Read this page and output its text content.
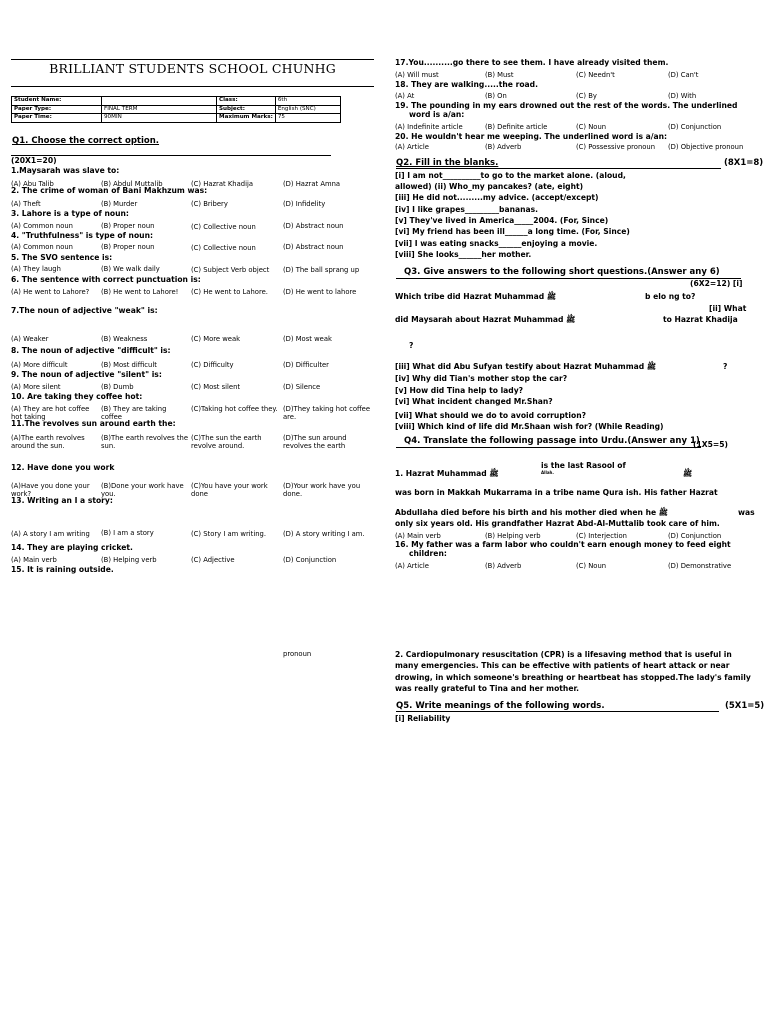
BRILLIANT STUDENTS SCHOOL CHUNHG
Student Name:		Class:	6th
Paper Type:	FINAL TERM	Subject:	English (SNC)
Paper Time:	90MIN	Maximum Marks:	75
Q1. Choose the correct option.
(20X1=20)
1.Maysarah was slave to:
(A) Abu Talib	(B) Abdul Muttalib	(C) Hazrat Khadija	(D) Hazrat Amna
2. The crime of woman of Bani Makhzum was:
(A) Theft	(B) Murder	(C) Bribery	(D) Infidelity
3. Lahore is a type of noun:
(A) Common noun	(B) Proper noun	(C) Collective noun	(D) Abstract noun
4. "Truthfulness" is type of noun:
(A) Common noun	(B) Proper noun	(C) Collective noun	(D) Abstract noun
5. The SVO sentence is:
(A) They laugh	(B) We walk daily	(C) Subject Verb object	(D) The ball sprang up
6. The sentence with correct punctuation is:
(A) He went to Lahore?	(B) He went to Lahore!	(C) He went to Lahore.	(D) He went to lahore
7.The noun of adjective "weak" is:
(A) Weaker	(B) Weakness	(C) More weak	(D) Most weak
8. The noun of adjective "difficult" is:
(A) More difficult	(B) Most difficult	(C) Difficulty	(D) Difficulter
9. The noun of adjective "silent" is:
(A) More silent	(B) Dumb	(C) Most silent	(D) Silence
10. Are taking they coffee hot:
(A) They are hot coffee hot taking
(B) They are taking coffee
(C)Taking hot coffee they. (D)They taking hot coffee are.
11.The revolves sun around earth the:
(A)The earth revolves around the sun.
(B)The earth revolves the sun.
(C)The sun the earth revolve around.
(D)The sun around revolves the earth
12. Have done you work
(A)Have you done your work?
(B)Done your work have you.
(C)You have your work done
(D)Your work have you done.
13. Writing an I a story:
(A) A story I am writing	(B) I am a story	(C) Story I am writing.	(D) A story writing I am.
14. They are playing cricket.
(A) Main verb	(B) Helping verb	(C) Adjective	(D) Conjunction
15. It is raining outside.
pronoun
17.You..........go there to see them. I have already visited them.
(A) Will must	(B) Must	(C) Needn't	(D) Can't
18. They are walking.....the road.
(A) At	(B) On	(C) By	(D) With
19. The pounding in my ears drowned out the rest of the words. The underlined
word is a/an:
(A) Indefinite article	(B) Definite article	(C) Noun	(D) Conjunction
20. He wouldn't hear me weeping. The underlined word is a/an:
(A) Article	(B) Adverb	(C) Possessive pronoun (D) Objective pronoun
Q2. Fill in the blanks.	(8X1=8)
[i] I am not__________to go to the market alone. (aloud,
allowed) (ii) Who_my pancakes? (ate, eight)
[iii] He did not.........my advice. (accept/except)
[iv] I like grapes_________bananas.
[v] They've lived in America_____2004. (For, Since)
[vi] My friend has been ill______a long time. (For, Since)
[vii] I was eating snacks______enjoying a movie.
[viii] She looks______her mother.
Q3. Give answers to the following short questions.(Answer any 6)
(6X2=12) [i]
Which tribe did Hazrat Muhammad ﷺ	b elo ng to?
[ii] What
did Maysarah about Hazrat Muhammad ﷺ	to Hazrat Khadija
?
[iii] What did Abu Sufyan testify about Hazrat Muhammad ﷺ	?
[iv] Why did Tian's mother stop the car?
[v] How did Tina help to lady?
[vi] What incident changed Mr.Shan?
[vii] What should we do to avoid corruption?
[viii] Which kind of life did Mr.Shaan wish for? (While Reading)
Q4. Translate the following passage into Urdu.(Answer any 1)
(1X5=5)
1. Hazrat Muhammad ﷺ
is the last Rasool of
Allah.	ﷺ
was born in Makkah Mukarrama in a tribe name Qura ish. His father Hazrat
Abdullaha died before his birth and his mother died when he ﷺ	was
only six years old. His grandfather Hazrat Abd-Al-Muttalib took care of him.
(A) Main verb	(B) Helping verb	(C) Interjection	(D) Conjunction
16. My father was a farm labor who couldn't earn enough money to feed eight
children:
(A) Article	(B) Adverb	(C) Noun	(D) Demonstrative
2. Cardiopulmonary resuscitation (CPR) is a lifesaving method that is useful in
many emergencies. This can be effective with patients of heart attack or near
drowing, in which someone's breathing or heartbeat has stopped.The lady's family
was really grateful to Tina and her mother.
Q5. Write meanings of the following words.	(5X1=5)
[i] Reliability
